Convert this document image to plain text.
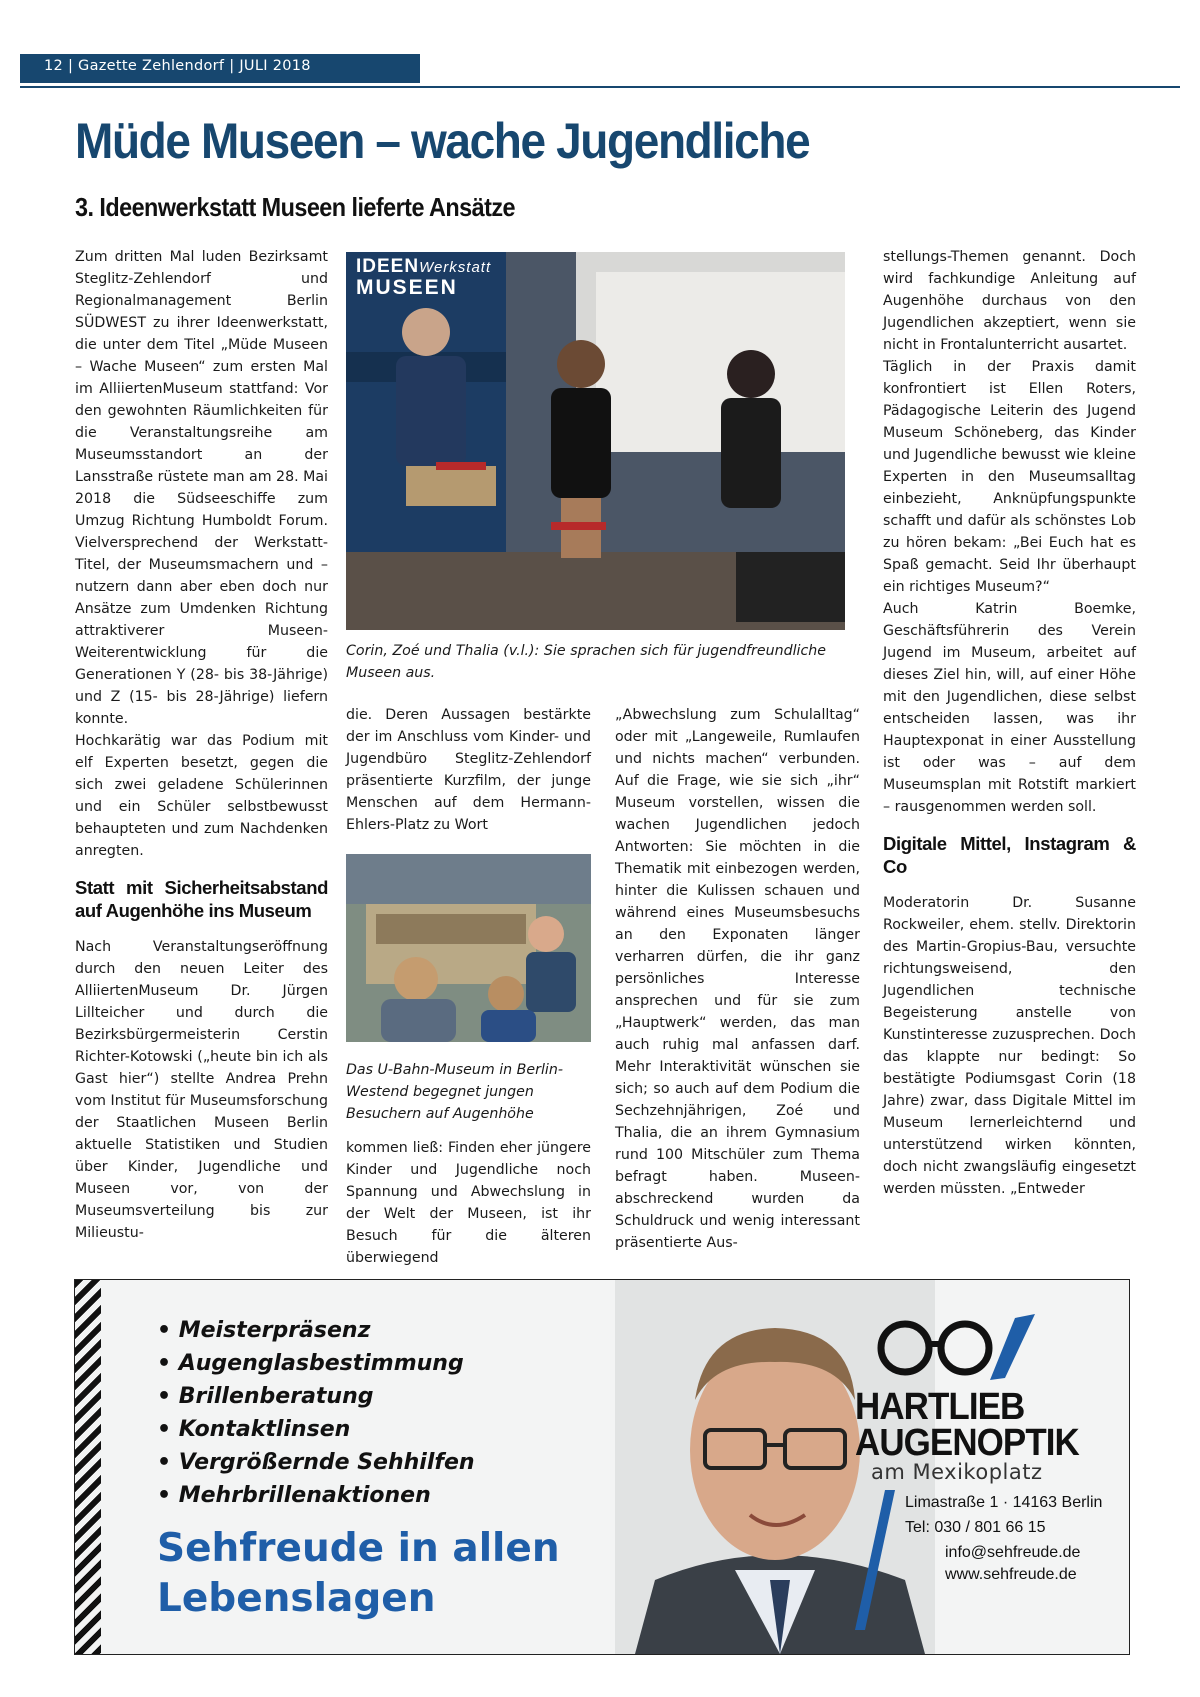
12 | Gazette Zehlendorf | JULI 2018
Müde Museen – wache Jugendliche
3. Ideenwerkstatt Museen lieferte Ansätze

Zum dritten Mal luden Bezirksamt Steglitz-Zehlendorf und Regionalmanagement Berlin SÜDWEST zu ihrer Ideenwerkstatt, die unter dem Titel „Müde Museen – Wache Museen“ zum ersten Mal im AlliiertenMuseum stattfand: Vor den gewohnten Räumlichkeiten für die Veranstaltungsreihe am Museumsstandort an der Lansstraße rüstete man am 28. Mai 2018 die Südseeschiffe zum Umzug Richtung Humboldt Forum. Vielversprechend der Werkstatt-Titel, der Museumsmachern und –nutzern dann aber eben doch nur Ansätze zum Umdenken Richtung attraktiverer Museen-Weiterentwicklung für die Generationen Y (28- bis 38-Jährige) und Z (15- bis 28-Jährige) liefern konnte.

Hochkarätig war das Podium mit elf Experten besetzt, gegen die sich zwei geladene Schülerinnen und ein Schüler selbstbewusst behaupteten und zum Nachdenken anregten.

Statt mit Sicherheitsabstand auf Augenhöhe ins Museum

Nach Veranstaltungseröffnung durch den neuen Leiter des AlliiertenMuseum Dr. Jürgen Lillteicher und durch die Bezirksbürgermeisterin Cerstin Richter-Kotowski („heute bin ich als Gast hier“) stellte Andrea Prehn vom Institut für Museumsforschung der Staatlichen Museen Berlin aktuelle Statistiken und Studien über Kinder, Jugendliche und Museen vor, von der Museumsverteilung bis zur Milieustu-

IDEENWerkstatt
MUSEEN
Corin, Zoé und Thalia (v.l.): Sie sprachen sich für jugendfreundliche Museen aus.

die. Deren Aussagen bestärkte der im Anschluss vom Kinder- und Jugendbüro Steglitz-Zehlendorf präsentierte Kurzfilm, der junge Menschen auf dem Hermann-Ehlers-Platz zu Wort

Das U-Bahn-Museum in Berlin-Westend begegnet jungen Besuchern auf Augenhöhe

kommen ließ: Finden eher jüngere Kinder und Jugendliche noch Spannung und Abwechslung in der Welt der Museen, ist ihr Besuch für die älteren überwiegend

„Abwechslung zum Schulalltag“ oder mit „Langeweile, Rumlaufen und nichts machen“ verbunden. Auf die Frage, wie sie sich „ihr“ Museum vorstellen, wissen die wachen Jugendlichen jedoch Antworten: Sie möchten in die Thematik mit einbezogen werden, hinter die Kulissen schauen und während eines Museumsbesuchs an den Exponaten länger verharren dürfen, die ihr ganz persönliches Interesse ansprechen und für sie zum „Hauptwerk“ werden, das man auch ruhig mal anfassen darf. Mehr Interaktivität wünschen sie sich; so auch auf dem Podium die Sechzehnjährigen, Zoé und Thalia, die an ihrem Gymnasium rund 100 Mitschüler zum Thema befragt haben. Museen-abschreckend wurden da Schuldruck und wenig interessant präsentierte Aus-

stellungs-Themen genannt. Doch wird fachkundige Anleitung auf Augenhöhe durchaus von den Jugendlichen akzeptiert, wenn sie nicht in Frontalunterricht ausartet.

Täglich in der Praxis damit konfrontiert ist Ellen Roters, Pädagogische Leiterin des Jugend Museum Schöneberg, das Kinder und Jugendliche bewusst wie kleine Experten in den Museumsalltag einbezieht, Anknüpfungspunkte schafft und dafür als schönstes Lob zu hören bekam: „Bei Euch hat es Spaß gemacht. Seid Ihr überhaupt ein richtiges Museum?“

Auch Katrin Boemke, Geschäftsführerin des Verein Jugend im Museum, arbeitet auf dieses Ziel hin, will, auf einer Höhe mit den Jugendlichen, diese selbst entscheiden lassen, was ihr Hauptexponat in einer Ausstellung ist oder was – auf dem Museumsplan mit Rotstift markiert – rausgenommen werden soll.

Digitale Mittel, Instagram & Co

Moderatorin Dr. Susanne Rockweiler, ehem. stellv. Direktorin des Martin-Gropius-Bau, versuchte richtungsweisend, den Jugendlichen technische Begeisterung anstelle von Kunstinteresse zuzusprechen. Doch das klappte nur bedingt: So bestätigte Podiumsgast Corin (18 Jahre) zwar, dass Digitale Mittel im Museum lernerleichternd und unterstützend wirken könnten, doch nicht zwangsläufig eingesetzt werden müssten. „Entweder

• Meisterpräsenz
• Augenglasbestimmung
• Brillenberatung
• Kontaktlinsen
• Vergrößernde Sehhilfen
• Mehrbrillenaktionen

Sehfreude in allen Lebenslagen

HARTLIEB
AUGENOPTIK
am Mexikoplatz
Limastraße 1 · 14163 Berlin
Tel: 030 / 801 66 15
info@sehfreude.de
www.sehfreude.de
